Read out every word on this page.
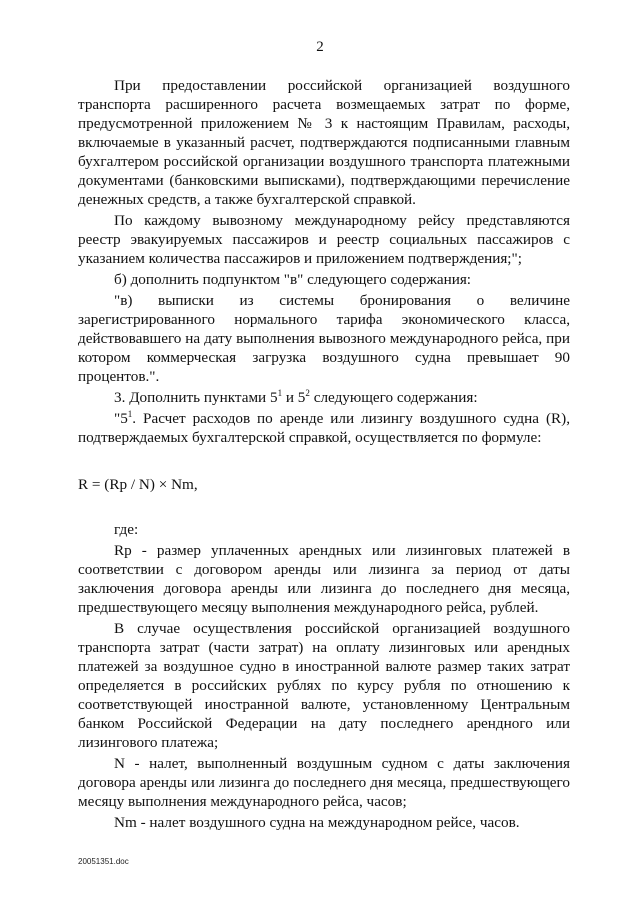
2

При предоставлении российской организацией воздушного транспорта расширенного расчета возмещаемых затрат по форме, предусмотренной приложением № 3 к настоящим Правилам, расходы, включаемые в указанный расчет, подтверждаются подписанными главным бухгалтером российской организации воздушного транспорта платежными документами (банковскими выписками), подтверждающими перечисление денежных средств, а также бухгалтерской справкой.

По каждому вывозному международному рейсу представляются реестр эвакуируемых пассажиров и реестр социальных пассажиров с указанием количества пассажиров и приложением подтверждения;";

б) дополнить подпунктом "в" следующего содержания:

"в) выписки из системы бронирования о величине зарегистрированного нормального тарифа экономического класса, действовавшего на дату выполнения вывозного международного рейса, при котором коммерческая загрузка воздушного судна превышает 90 процентов.".

3. Дополнить пунктами $5^1$ и $5^2$ следующего содержания:

"$5^1$. Расчет расходов по аренде или лизингу воздушного судна (R), подтверждаемых бухгалтерской справкой, осуществляется по формуле:

R = (Rp / N) × Nm,

где:

Rp - размер уплаченных арендных или лизинговых платежей в соответствии с договором аренды или лизинга за период от даты заключения договора аренды или лизинга до последнего дня месяца, предшествующего месяцу выполнения международного рейса, рублей.

В случае осуществления российской организацией воздушного транспорта затрат (части затрат) на оплату лизинговых или арендных платежей за воздушное судно в иностранной валюте размер таких затрат определяется в российских рублях по курсу рубля по отношению к соответствующей иностранной валюте, установленному Центральным банком Российской Федерации на дату последнего арендного или лизингового платежа;

N - налет, выполненный воздушным судном с даты заключения договора аренды или лизинга до последнего дня месяца, предшествующего месяцу выполнения международного рейса, часов;

Nm - налет воздушного судна на международном рейсе, часов.

20051351.doc
